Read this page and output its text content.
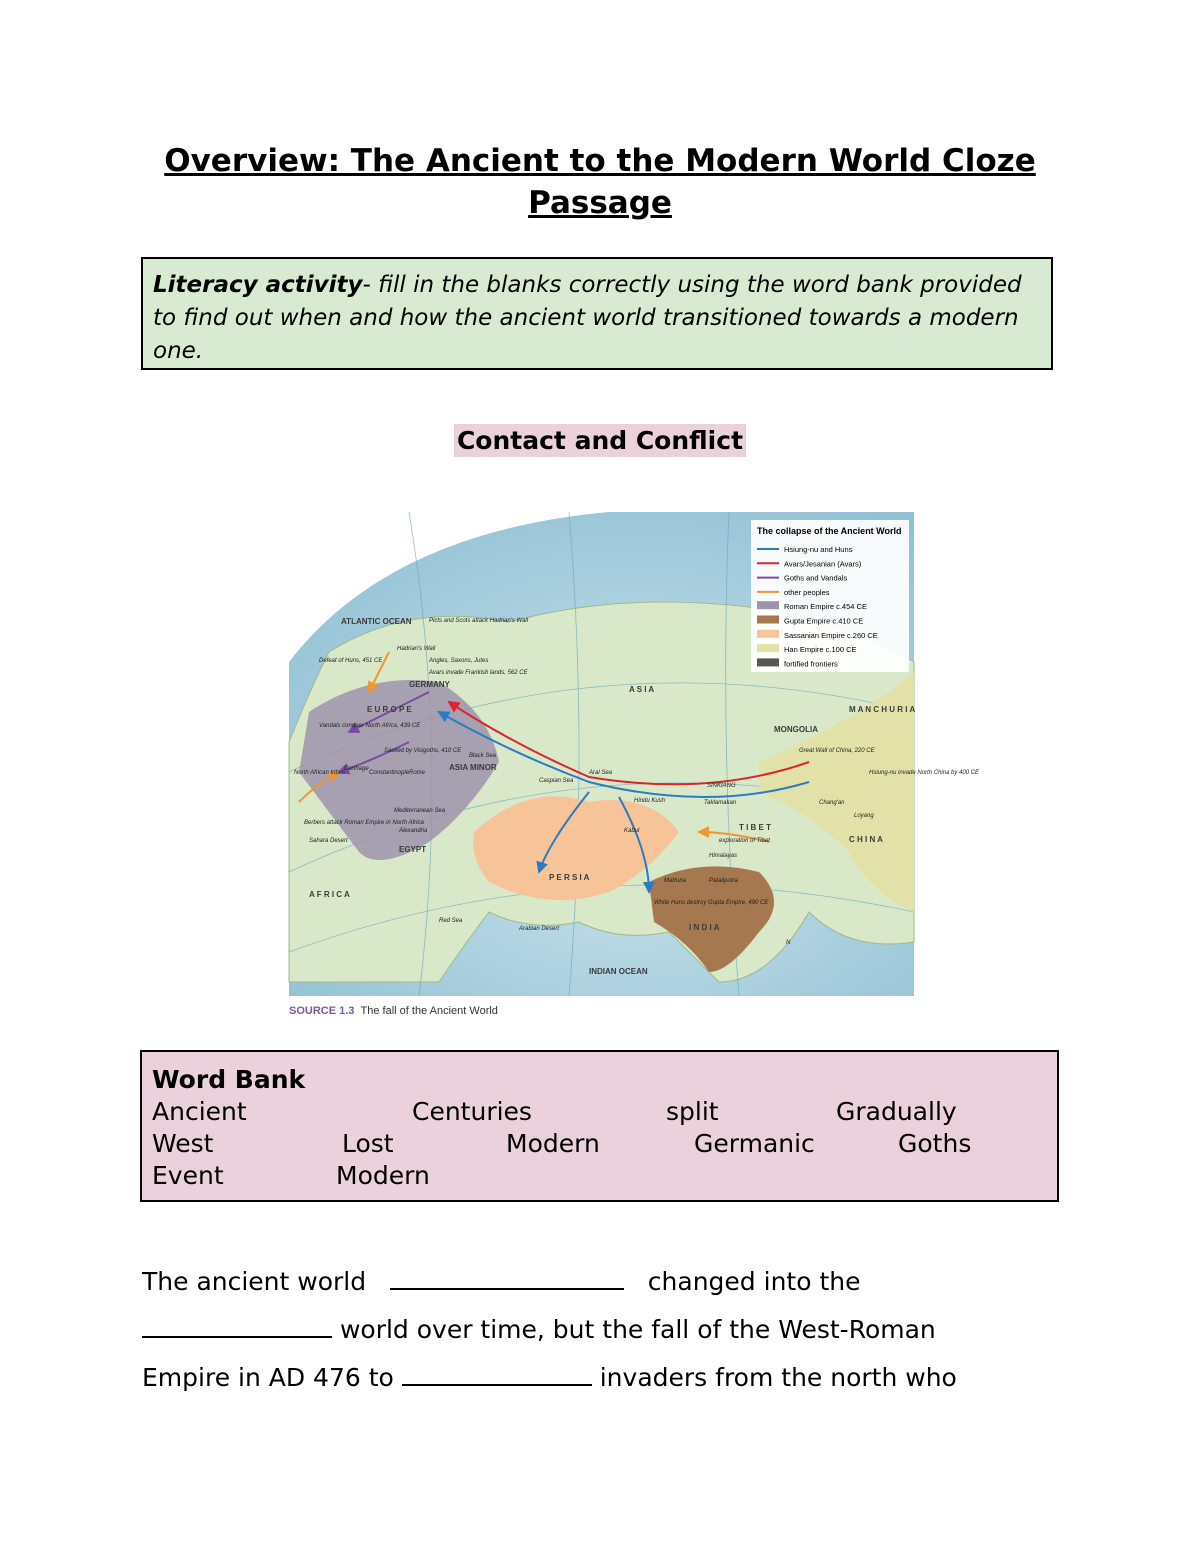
Overview: The Ancient to the Modern World Cloze Passage
Literacy activity- fill in the blanks correctly using the word bank provided to find out when and how the ancient world transitioned towards a modern one.
Contact and Conflict
The collapse of the Ancient World
Hsiung-nu and Huns
Avars/Jesanian (Avars)
Goths and Vandals
other peoples
Roman Empire c.454 CE
Gupta Empire c.410 CE
Sassanian Empire c.260 CE
Han Empire c.100 CE
fortified frontiers
ATLANTIC OCEAN
E U R O P E
A S I A
A F R I C A
P E R S I A
I N D I A
C H I N A
T I B E T
MONGOLIA
M A N C H U R I A
INDIAN OCEAN
EGYPT
ASIA MINOR
GERMANY
Picts and Scots attack Hadrian's Wall
Hadrian's Wall
Angles, Saxons, Jutes
Avars invade Frankish lands, 562 CE
Defeat of Huns, 451 CE
Vandals conquer North Africa, 439 CE
Sacked by Visigoths, 410 CE
Berbers attack Roman Empire in North Africa
Great Wall of China, 220 CE
Hsiung-nu invade North China by 400 CE
White Huns destroy Gupta Empire, 490 CE
SINKIANG
Kabul
Mathura	Pataliputra
Loyang
Chang'an
Constantinople
Carthage
Rome	Aral Sea
Caspian Sea
Black Sea
Mediterranean Sea
Sahara Desert
Arabian Desert
Himalayas
Taklamakan
exploration of Tibet
Hindu Kush
North African tribes
Alexandria
Red Sea
N
SOURCE 1.3 The fall of the Ancient World
Word Bank
Ancient	Centuries	split	Gradually
West	Lost	Modern	Germanic	Goths
Event	Modern
The ancient world	changed into the
world over time, but the fall of the West-Roman
Empire in AD 476 to	invaders from the north who
